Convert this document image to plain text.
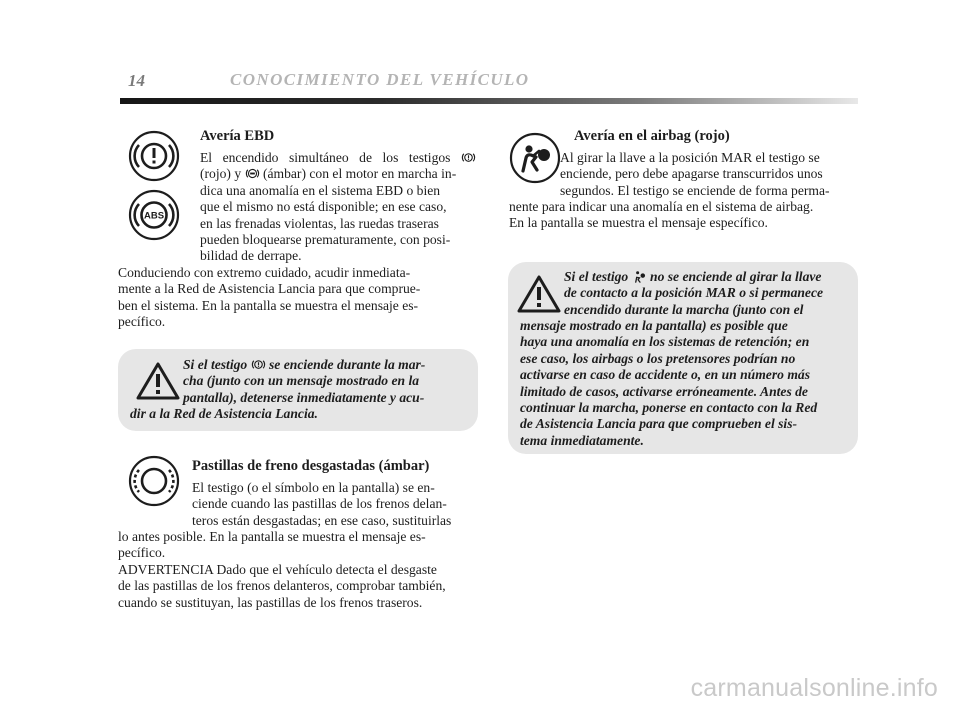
14	CONOCIMIENTO DEL VEHÍCULO
ABS
Avería EBD
El encendido simultáneo de los testigos
(rojo) y (ámbar) con el motor en marcha in-
dica una anomalía en el sistema EBD o bien
que el mismo no está disponible; en ese caso,
en las frenadas violentas, las ruedas traseras
pueden bloquearse prematuramente, con posi-
bilidad de derrape.
Conduciendo con extremo cuidado, acudir inmediata-
mente a la Red de Asistencia Lancia para que comprue-
ben el sistema. En la pantalla se muestra el mensaje es-
pecífico.
Si el testigo se enciende durante la mar-
cha (junto con un mensaje mostrado en la
pantalla), detenerse inmediatamente y acu-
dir a la Red de Asistencia Lancia.
Pastillas de freno desgastadas (ámbar)
El testigo (o el símbolo en la pantalla) se en-
ciende cuando las pastillas de los frenos delan-
teros están desgastadas; en ese caso, sustituirlas
lo antes posible. En la pantalla se muestra el mensaje es-
pecífico.
ADVERTENCIA Dado que el vehículo detecta el desgaste
de las pastillas de los frenos delanteros, comprobar también,
cuando se sustituyan, las pastillas de los frenos traseros.
Avería en el airbag (rojo)
Al girar la llave a la posición MAR el testigo se
enciende, pero debe apagarse transcurridos unos
segundos. El testigo se enciende de forma perma-
nente para indicar una anomalía en el sistema de airbag.
En la pantalla se muestra el mensaje específico.
Si el testigo no se enciende al girar la llave
de contacto a la posición MAR o si permanece
encendido durante la marcha (junto con el
mensaje mostrado en la pantalla) es posible que
haya una anomalía en los sistemas de retención; en
ese caso, los airbags o los pretensores podrían no
activarse en caso de accidente o, en un número más
limitado de casos, activarse erróneamente. Antes de
continuar la marcha, ponerse en contacto con la Red
de Asistencia Lancia para que comprueben el sis-
tema inmediatamente.
carmanualsonline.info
